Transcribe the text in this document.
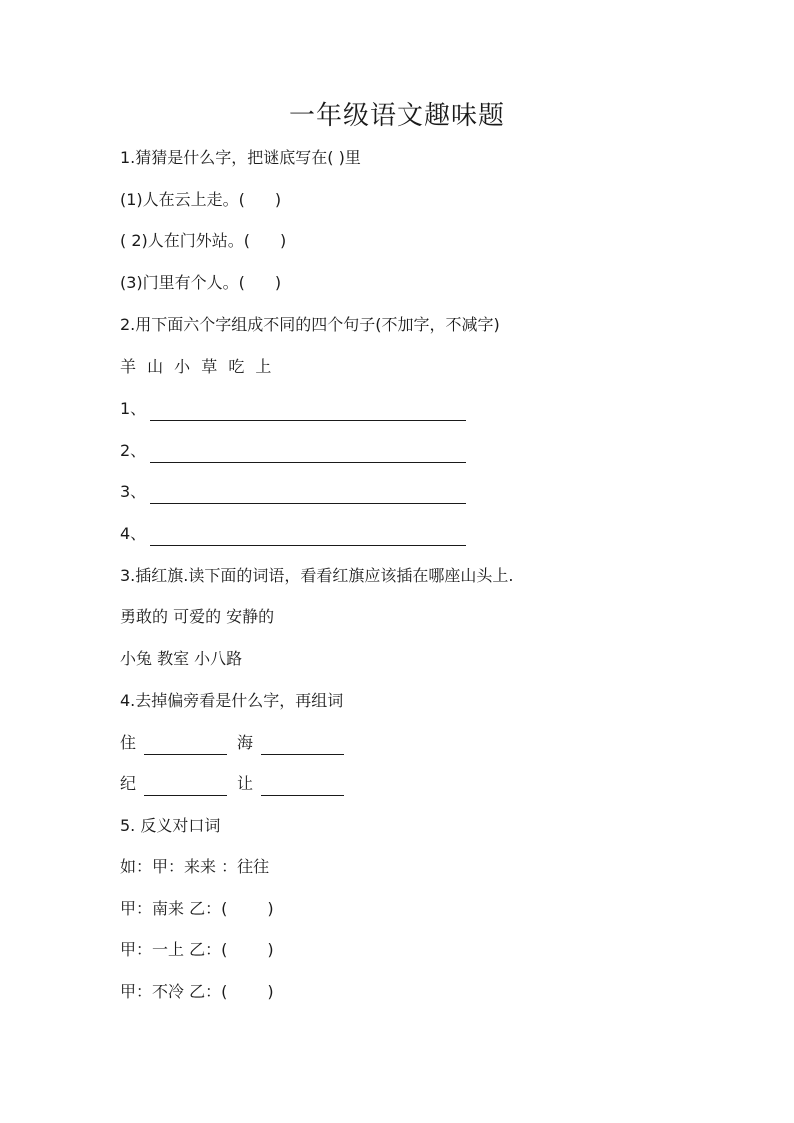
一年级语文趣味题
1.猜猜是什么字，把谜底写在( )里
(1)人在云上走。( )
( 2)人在门外站。( )
(3)门里有个人。( )
2.用下面六个字组成不同的四个句子(不加字，不减字)
羊 山 小 草 吃 上
1、
2、
3、
4、
3.插红旗.读下面的词语，看看红旗应该插在哪座山头上.
勇敢的 可爱的 安静的
小兔 教室 小八路
4.去掉偏旁看是什么字，再组词
住	海
纪	让
5. 反义对口词
如：甲：来来 ：往往
甲：南来 乙：(	)
甲：一上 乙：(	)
甲：不冷 乙：(	)
